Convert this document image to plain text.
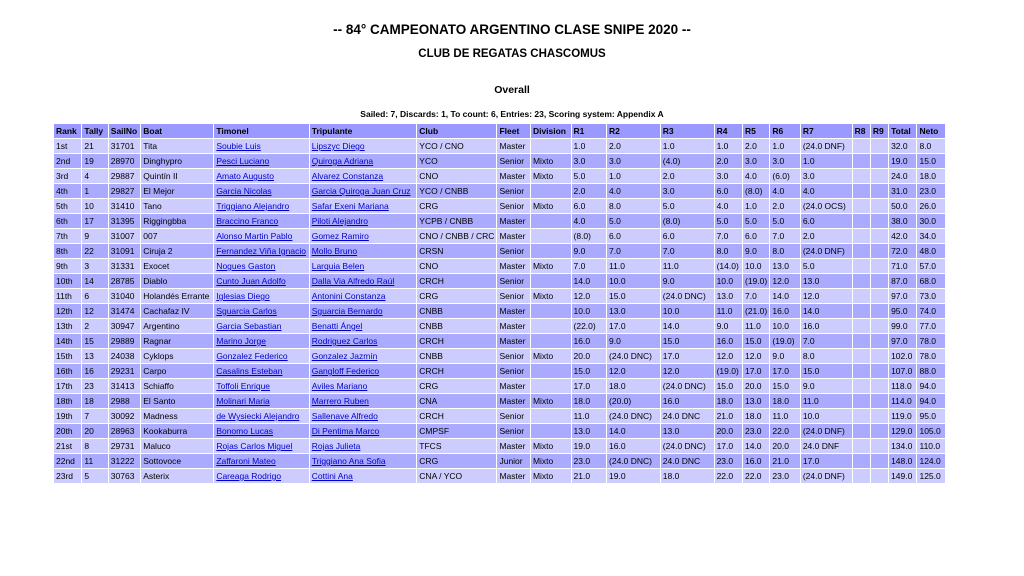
-- 84° CAMPEONATO ARGENTINO CLASE SNIPE 2020 --
CLUB DE REGATAS CHASCOMUS
Overall
Sailed: 7, Discards: 1, To count: 6, Entries: 23, Scoring system: Appendix A
Rank	Tally	SailNo	Boat	Timonel	Tripulante	Club	Fleet	Division	R1	R2	R3	R4	R5	R6	R7	R8	R9	Total	Neto
1st	21	31701	Tita	Soubie Luis	Lipszyc Diego	YCO / CNO	Master		1.0	2.0	1.0	1.0	2.0	1.0	(24.0 DNF)			32.0	8.0
2nd	19	28970	Dinghypro	Pesci Luciano	Quiroga Adriana	YCO	Senior	Mixto	3.0	3.0	(4.0)	2.0	3.0	3.0	1.0			19.0	15.0
3rd	4	29887	Quintín II	Amato Augusto	Alvarez Constanza	CNO	Master	Mixto	5.0	1.0	2.0	3.0	4.0	(6.0)	3.0			24.0	18.0
4th	1	29827	El Mejor	Garcia Nicolas	Garcia Quiroga Juan Cruz	YCO / CNBB	Senior		2.0	4.0	3.0	6.0	(8.0)	4.0	4.0			31.0	23.0
5th	10	31410	Tano	Triggiano Alejandro	Safar Exeni Mariana	CRG	Senior	Mixto	6.0	8.0	5.0	4.0	1.0	2.0	(24.0 OCS)			50.0	26.0
6th	17	31395	Riggingbba	Braccino Franco	Piloti Alejandro	YCPB / CNBB	Master		4.0	5.0	(8.0)	5.0	5.0	5.0	6.0			38.0	30.0
7th	9	31007	007	Alonso Martin Pablo	Gomez Ramiro	CNO / CNBB / CRC	Master		(8.0)	6.0	6.0	7.0	6.0	7.0	2.0			42.0	34.0
8th	22	31091	Ciruja 2	Fernandez Viña Ignacio	Mollo Bruno	CRSN	Senior		9.0	7.0	7.0	8.0	9.0	8.0	(24.0 DNF)			72.0	48.0
9th	3	31331	Exocet	Nogues Gaston	Larquia Belen	CNO	Master	Mixto	7.0	11.0	11.0	(14.0)	10.0	13.0	5.0			71.0	57.0
10th	14	28785	Diablo	Cunto Juan Adolfo	Dalla Via Alfredo Raúl	CRCH	Senior		14.0	10.0	9.0	10.0	(19.0)	12.0	13.0			87.0	68.0
11th	6	31040	Holandés Errante	Iglesias Diego	Antonini Constanza	CRG	Senior	Mixto	12.0	15.0	(24.0 DNC)	13.0	7.0	14.0	12.0			97.0	73.0
12th	12	31474	Cachafaz IV	Sguarcia Carlos	Sguarcia Bernardo	CNBB	Master		10.0	13.0	10.0	11.0	(21.0)	16.0	14.0			95.0	74.0
13th	2	30947	Argentino	Garcia Sebastian	Benatti Ángel	CNBB	Master		(22.0)	17.0	14.0	9.0	11.0	10.0	16.0			99.0	77.0
14th	15	29889	Ragnar	Marino Jorge	Rodriguez Carlos	CRCH	Master		16.0	9.0	15.0	16.0	15.0	(19.0)	7.0			97.0	78.0
15th	13	24038	Cyklops	Gonzalez Federico	Gonzalez Jazmín	CNBB	Senior	Mixto	20.0	(24.0 DNC)	17.0	12.0	12.0	9.0	8.0			102.0	78.0
16th	16	29231	Carpo	Casalins Esteban	Gangloff Federico	CRCH	Senior		15.0	12.0	12.0	(19.0)	17.0	17.0	15.0			107.0	88.0
17th	23	31413	Schiaffo	Toffoli Enrique	Aviles Mariano	CRG	Master		17.0	18.0	(24.0 DNC)	15.0	20.0	15.0	9.0			118.0	94.0
18th	18	2988	El Santo	Molinari Maria	Marrero Ruben	CNA	Master	Mixto	18.0	(20.0)	16.0	18.0	13.0	18.0	11.0			114.0	94.0
19th	7	30092	Madness	de Wysiecki Alejandro	Sallenave Alfredo	CRCH	Senior		11.0	(24.0 DNC)	24.0 DNC	21.0	18.0	11.0	10.0			119.0	95.0
20th	20	28963	Kookaburra	Bonomo Lucas	Di Pentima Marco	CMPSF	Senior		13.0	14.0	13.0	20.0	23.0	22.0	(24.0 DNF)			129.0	105.0
21st	8	29731	Maluco	Rojas Carlos Miguel	Rojas Julieta	TFCS	Master	Mixto	19.0	16.0	(24.0 DNC)	17.0	14.0	20.0	24.0 DNF			134.0	110.0
22nd	11	31222	Sottovoce	Zaffaroni Mateo	Triggiano Ana Sofia	CRG	Junior	Mixto	23.0	(24.0 DNC)	24.0 DNC	23.0	16.0	21.0	17.0			148.0	124.0
23rd	5	30763	Asterix	Careaga Rodrigo	Cottini Ana	CNA / YCO	Master	Mixto	21.0	19.0	18.0	22.0	22.0	23.0	(24.0 DNF)			149.0	125.0
